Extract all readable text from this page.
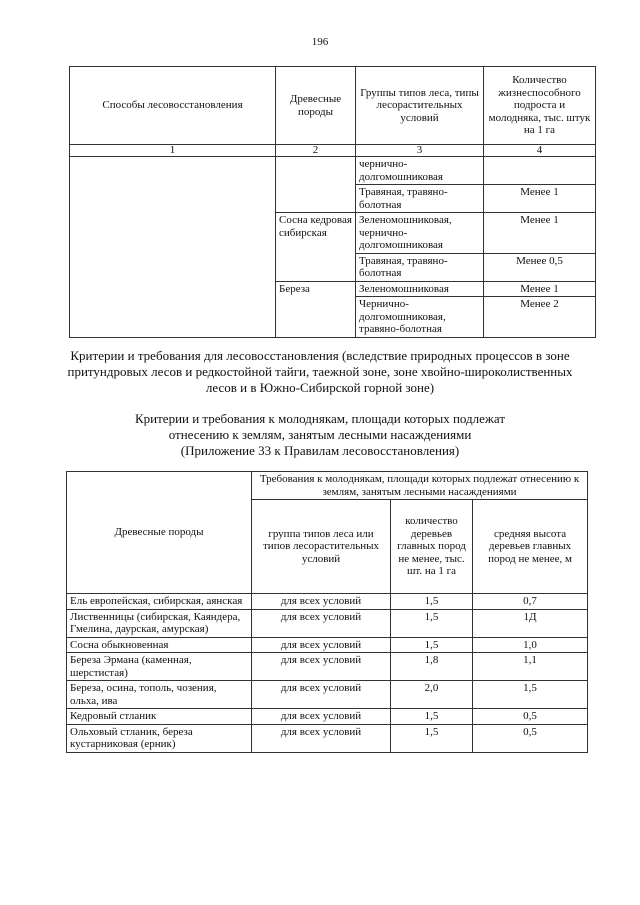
196
Способы лесовосстановления	Древесные породы	Группы типов леса, типы лесорастительных условий	Количество жизнеспособного подроста и молодняка, тыс. штук на 1 га
1	2	3	4
		чернично-долгомошниковая	
		Травяная, травяно-болотная	Менее 1
	Сосна кедровая сибирская	Зеленомошниковая, чернично-долгомошниковая	Менее 1
		Травяная, травяно-болотная	Менее 0,5
	Береза	Зеленомошниковая	Менее 1
		Чернично-долгомошниковая, травяно-болотная	Менее 2
Критерии и требования для лесовосстановления (вследствие природных процессов в зоне притундровых лесов и редкостойной тайги, таежной зоне, зоне хвойно-широколиственных лесов и в Южно-Сибирской горной зоне)
Критерии и требования к молоднякам, площади которых подлежат
отнесению к землям, занятым лесными насаждениями
(Приложение 33 к Правилам лесовосстановления)
Древесные породы	Требования к молоднякам, площади которых подлежат отнесению к землям, занятым лесными насаждениями		
	группа типов леса или типов лесорастительных условий	количество деревьев главных пород не менее, тыс. шт. на 1 га	средняя высота деревьев главных пород не менее, м
Ель европейская, сибирская, аянская	для всех условий	1,5	0,7
Лиственницы (сибирская, Каяндера, Гмелина, даурская, амурская)	для всех условий	1,5	1Д
Сосна обыкновенная	для всех условий	1,5	1,0
Береза Эрмана (каменная, шерстистая)	для всех условий	1,8	1,1
Береза, осина, тополь, чозения, ольха, ива	для всех условий	2,0	1,5
Кедровый стланик	для всех условий	1,5	0,5
Ольховый стланик, береза кустарниковая (ерник)	для всех условий	1,5	0,5
